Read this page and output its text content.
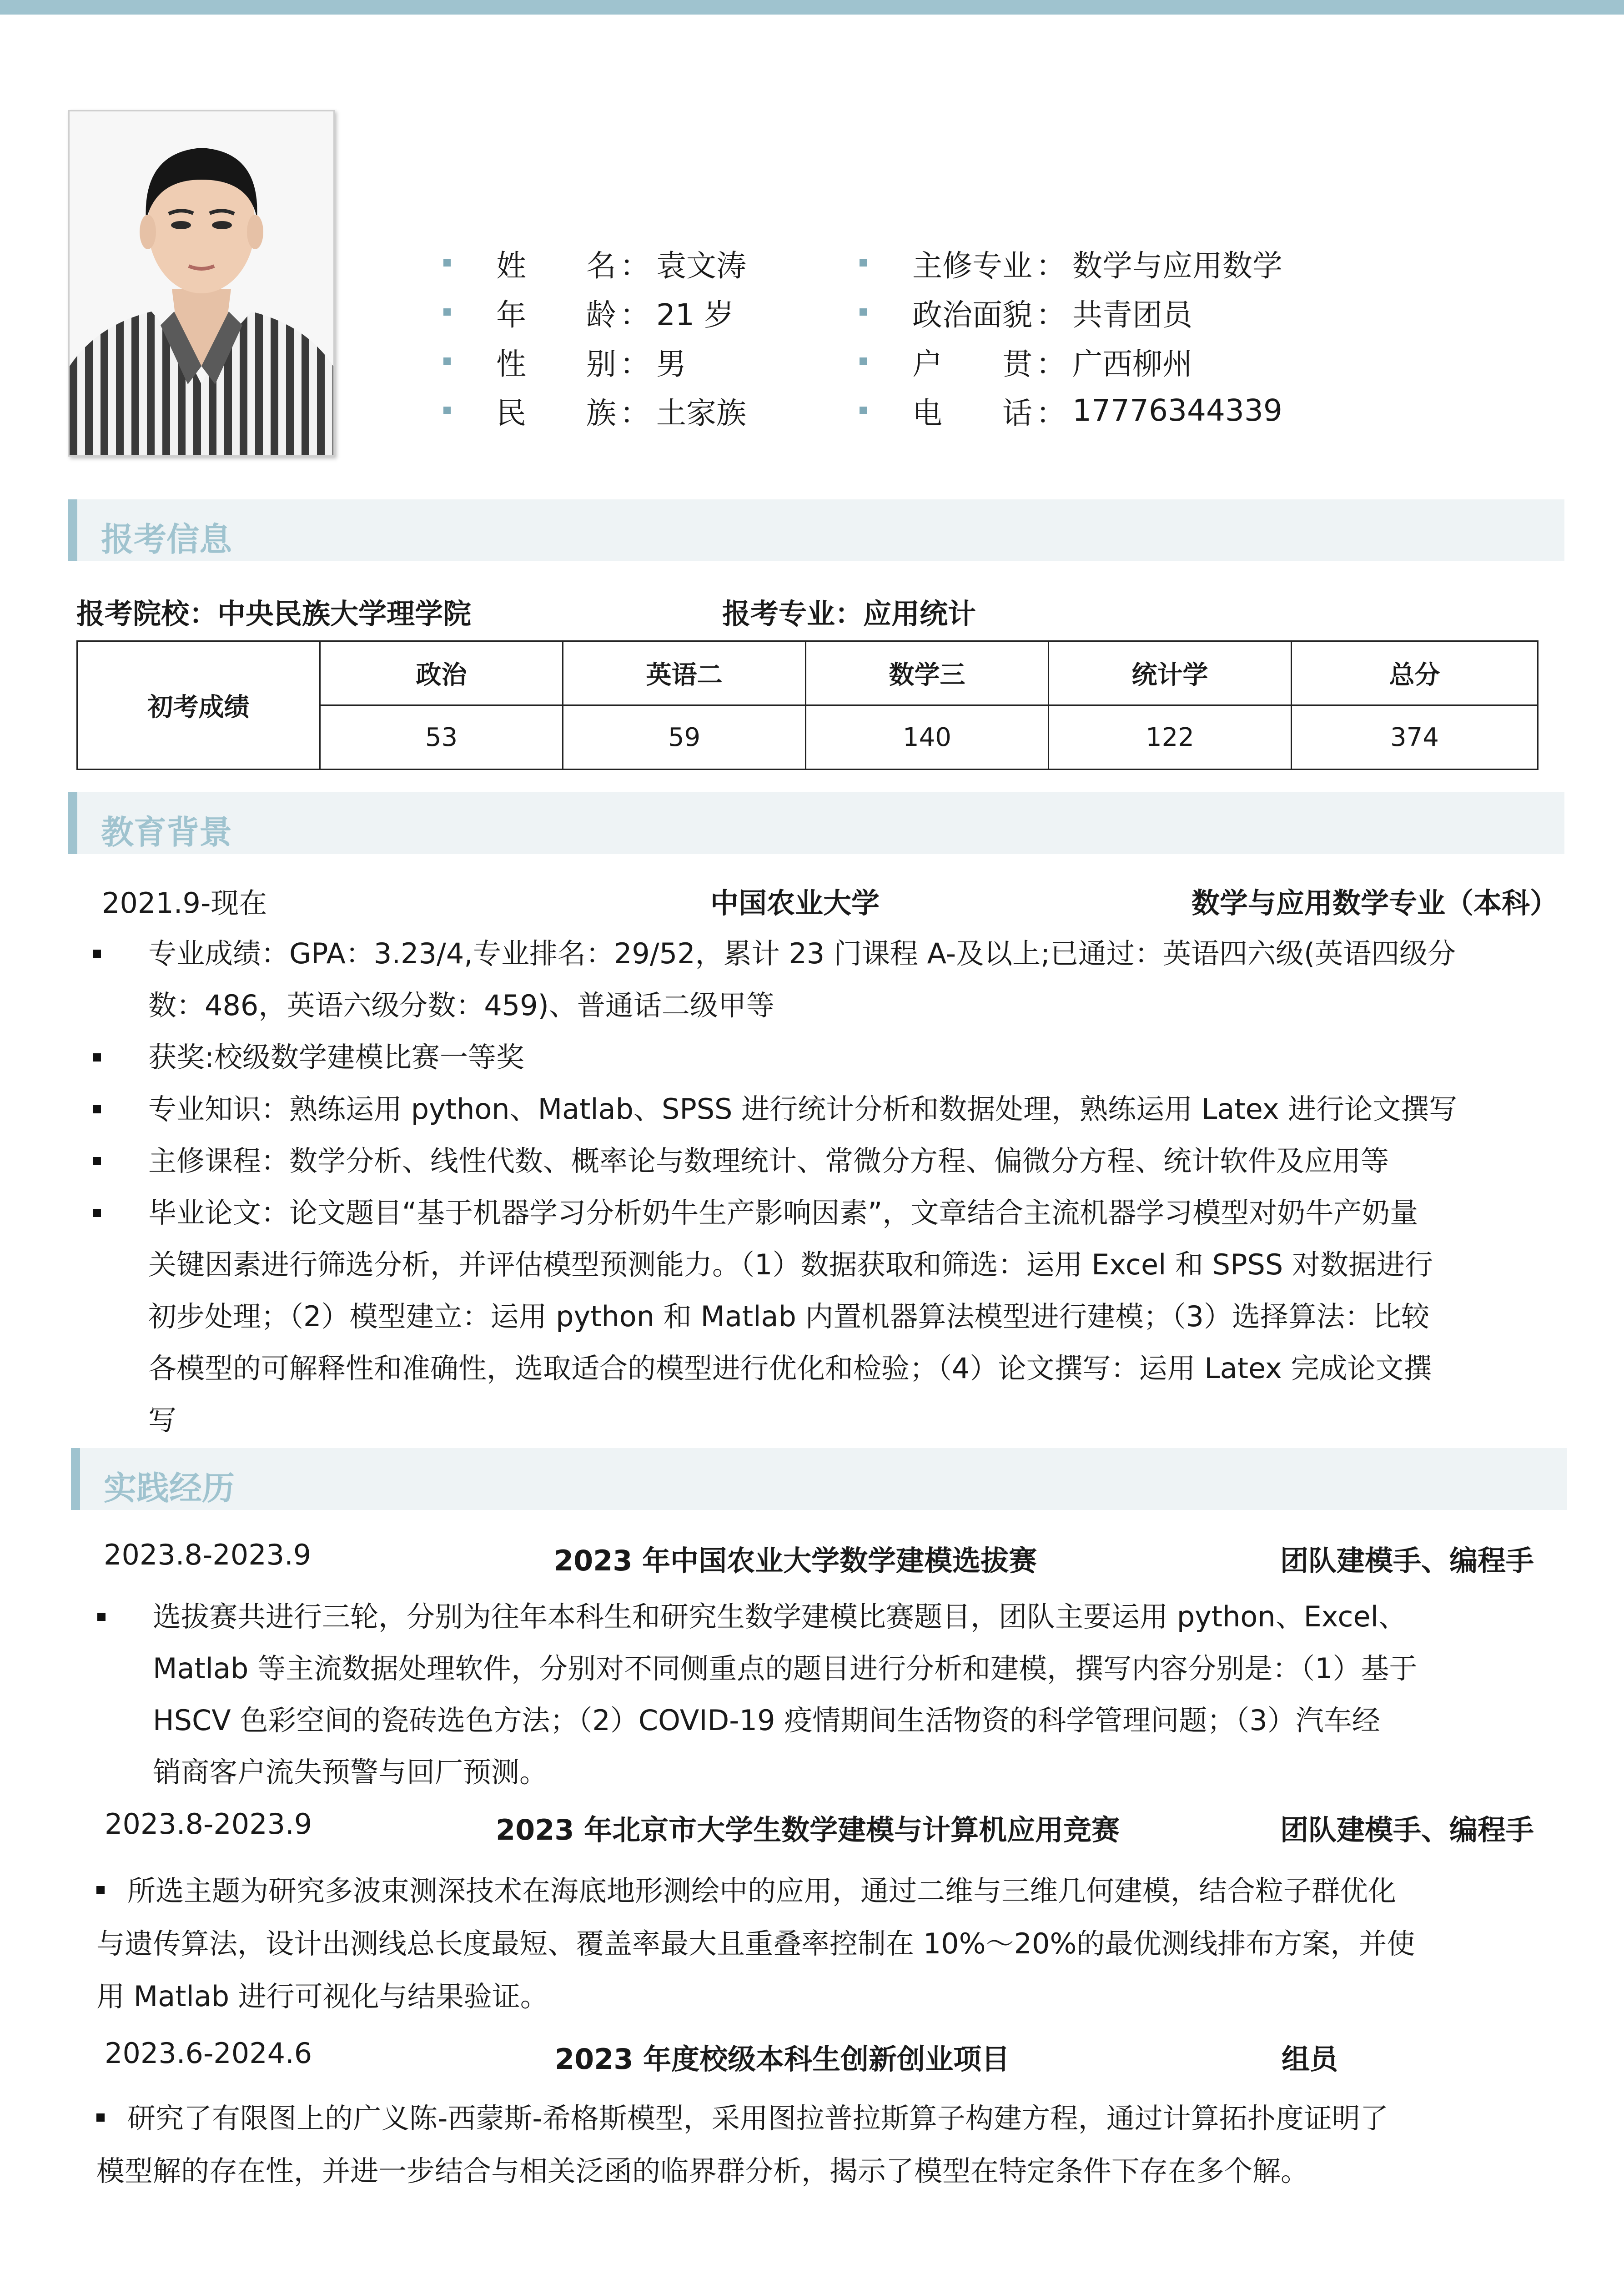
姓　　名 ： 袁文涛
年　　龄 ： 21 岁
性　　别 ： 男
民　　族 ： 土家族
主修专业 ： 数学与应用数学
政治面貌 ： 共青团员
户　　贯 ： 广西柳州
电　　话 ： 17776344339
报考信息
报考院校：中央民族大学理学院	报考专业：应用统计
初考成绩	政治	英语二	数学三	统计学	总分
	53	59	140	122	374
教育背景
2021.9-现在	中国农业大学	数学与应用数学专业（本科）
专业成绩：GPA：3.23/4,专业排名：29/52，累计 23 门课程 A-及以上;已通过：英语四六级(英语四级分
数：486，英语六级分数：459)、普通话二级甲等
获奖:校级数学建模比赛一等奖
专业知识：熟练运用 python、Matlab、SPSS 进行统计分析和数据处理，熟练运用 Latex 进行论文撰写
主修课程：数学分析、线性代数、概率论与数理统计、常微分方程、偏微分方程、统计软件及应用等
毕业论文：论文题目“基于机器学习分析奶牛生产影响因素”，文章结合主流机器学习模型对奶牛产奶量
关键因素进行筛选分析，并评估模型预测能力。（1）数据获取和筛选：运用 Excel 和 SPSS 对数据进行
初步处理；（2）模型建立：运用 python 和 Matlab 内置机器算法模型进行建模；（3）选择算法：比较
各模型的可解释性和准确性，选取适合的模型进行优化和检验；（4）论文撰写：运用 Latex 完成论文撰
写
实践经历
2023.8-2023.9	2023 年中国农业大学数学建模选拔赛	团队建模手、编程手
选拔赛共进行三轮，分别为往年本科生和研究生数学建模比赛题目，团队主要运用 python、Excel、
Matlab 等主流数据处理软件，分别对不同侧重点的题目进行分析和建模，撰写内容分别是：（1）基于
HSCV 色彩空间的瓷砖选色方法；（2）COVID-19 疫情期间生活物资的科学管理问题；（3）汽车经
销商客户流失预警与回厂预测。
2023.8-2023.9	2023 年北京市大学生数学建模与计算机应用竞赛	团队建模手、编程手
所选主题为研究多波束测深技术在海底地形测绘中的应用，通过二维与三维几何建模，结合粒子群优化
与遗传算法，设计出测线总长度最短、覆盖率最大且重叠率控制在 10%～20%的最优测线排布方案，并使
用 Matlab 进行可视化与结果验证。
2023.6-2024.6	2023 年度校级本科生创新创业项目	组员
研究了有限图上的广义陈-西蒙斯-希格斯模型，采用图拉普拉斯算子构建方程，通过计算拓扑度证明了
模型解的存在性，并进一步结合与相关泛函的临界群分析，揭示了模型在特定条件下存在多个解。
